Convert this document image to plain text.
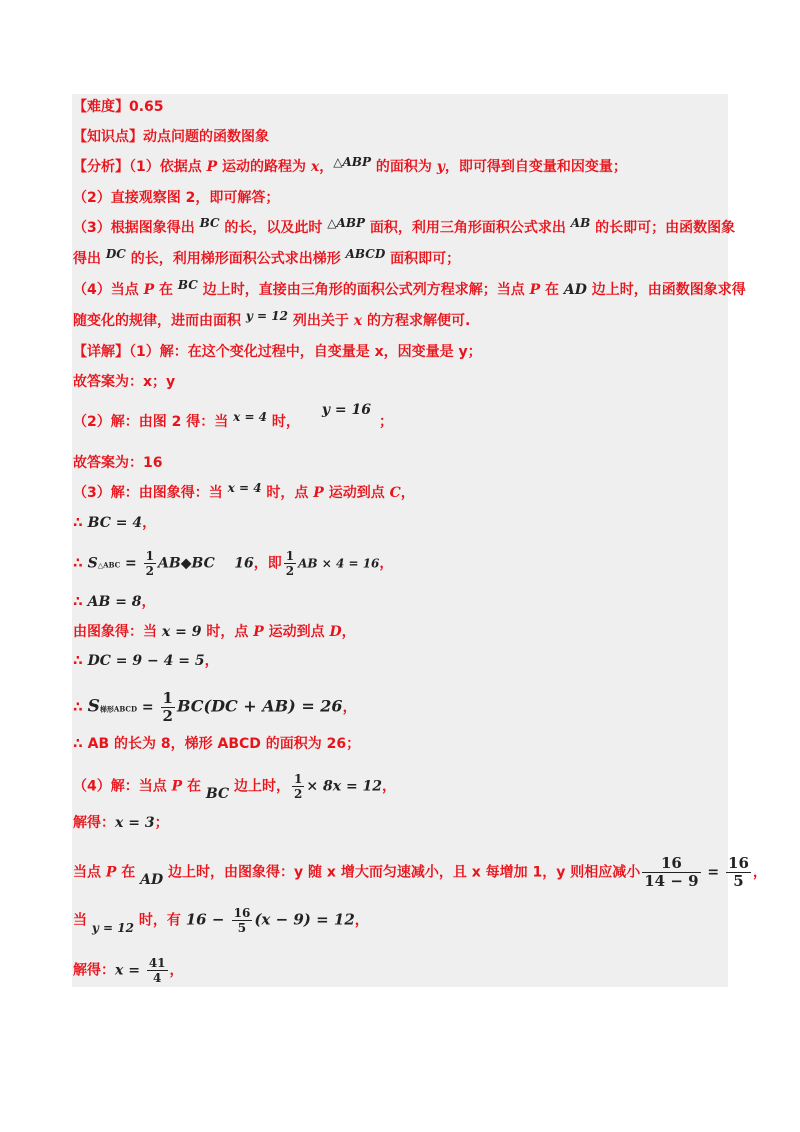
【难度】0.65
【知识点】动点问题的函数图象
【分析】（1）依据点 P 运动的路程为 x，△ABP 的面积为 y，即可得到自变量和因变量；
（2）直接观察图 2，即可解答；
（3）根据图象得出 BC 的长，以及此时 △ABP 面积，利用三角形面积公式求出 AB 的长即可；由函数图象
得出 DC 的长，利用梯形面积公式求出梯形 ABCD 面积即可；
（4）当点 P 在 BC 边上时，直接由三角形的面积公式列方程求解；当点 P 在 AD 边上时，由函数图象求得
随变化的规律，进而由面积 y = 12 列出关于 x 的方程求解便可.
【详解】（1）解：在这个变化过程中，自变量是 x，因变量是 y；
故答案为：x；y
（2）解：由图 2 得：当 x = 4 时，y = 16；
故答案为：16
（3）解：由图象得：当 x = 4 时，点 P 运动到点 C，
∴ BC = 4，
∴ S△ABC = $\frac{1}{2}$ AB◆BC    16，即 $\frac{1}{2}$ AB × 4 = 16，
∴ AB = 8，
由图象得：当 x = 9 时，点 P 运动到点 D，
∴ DC = 9 − 4 = 5，
∴ S梯形ABCD = $\frac{1}{2} BC(DC + AB) = 26$，
∴ AB 的长为 8，梯形 ABCD 的面积为 26；
（4）解：当点 P 在 BC 边上时， $\frac{1}{2} \times 8x = 12$，
解得：x = 3；
当点 P 在 AD 边上时，由图象得：y 随 x 增大而匀速减小，且 x 每增加 1，y 则相应减小 $\frac{16}{14 - 9} = \frac{16}{5}$ ，
当 y = 12 时，有 $16 - \frac{16}{5} (x - 9) = 12$，
解得：$x = \frac{41}{4}$ ，
